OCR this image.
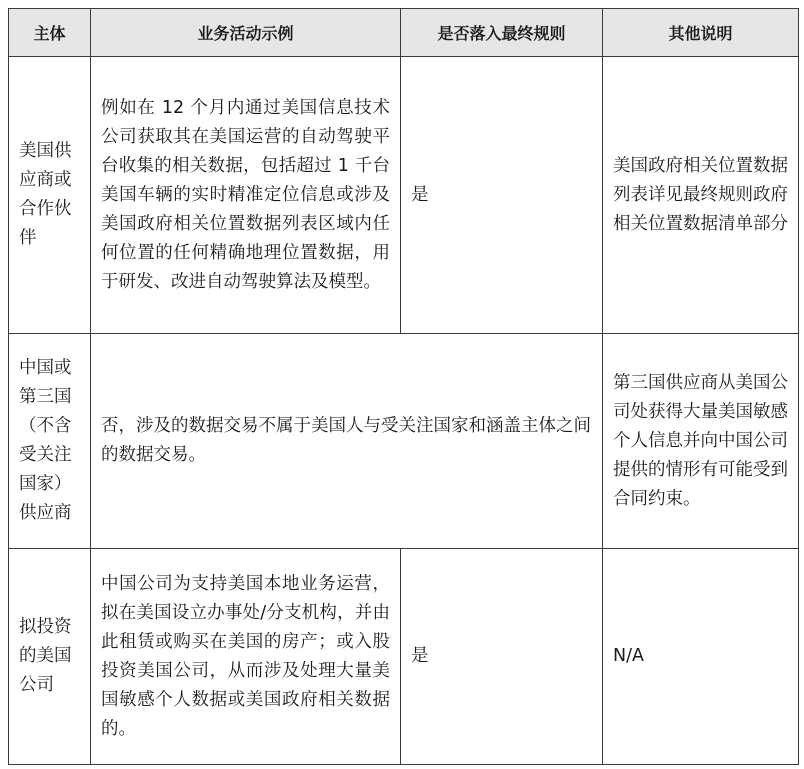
主体	业务活动示例	是否落入最终规则	其他说明
美国供应商或合作伙伴	例如在 12 个月内通过美国信息技术公司获取其在美国运营的自动驾驶平台收集的相关数据，包括超过 1 千台美国车辆的实时精准定位信息或涉及美国政府相关位置数据列表区域内任何位置的任何精确地理位置数据，用于研发、改进自动驾驶算法及模型。	是	美国政府相关位置数据列表详见最终规则政府相关位置数据清单部分
中国或第三国（不含受关注国家）供应商	否，涉及的数据交易不属于美国人与受关注国家和涵盖主体之间的数据交易。		第三国供应商从美国公司处获得大量美国敏感个人信息并向中国公司提供的情形有可能受到合同约束。
拟投资的美国公司	中国公司为支持美国本地业务运营，拟在美国设立办事处/分支机构，并由此租赁或购买在美国的房产；或入股投资美国公司，从而涉及处理大量美国敏感个人数据或美国政府相关数据的。	是	N/A
